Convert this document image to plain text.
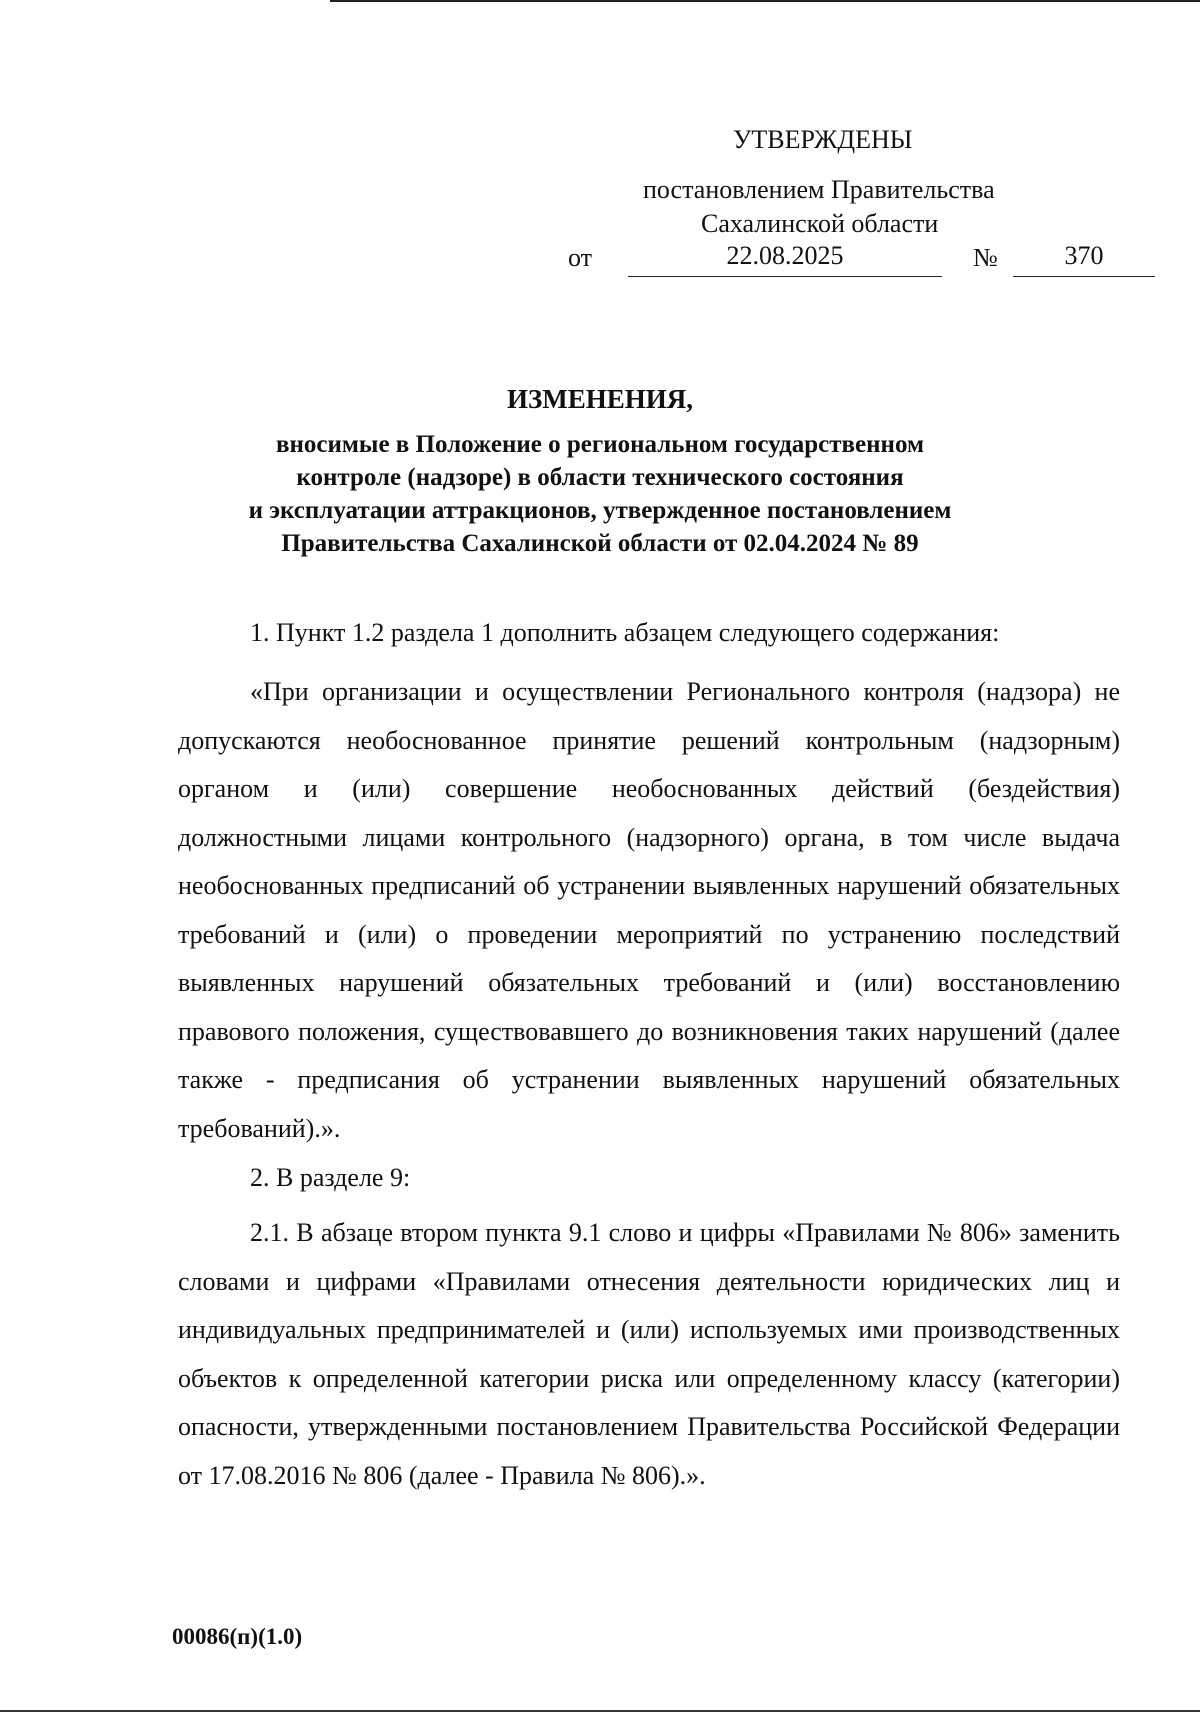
УТВЕРЖДЕНЫ
постановлением Правительства
Сахалинской области
от	22.08.2025	№	370
ИЗМЕНЕНИЯ,
вносимые в Положение о региональном государственном
контроле (надзоре) в области технического состояния
и эксплуатации аттракционов, утвержденное постановлением
Правительства Сахалинской области от 02.04.2024 № 89

1. Пункт 1.2 раздела 1 дополнить абзацем следующего содержания:

«При организации и осуществлении Регионального контроля (надзора) не допускаются необоснованное принятие решений контрольным (надзорным) органом и (или) совершение необоснованных действий (бездействия) должностными лицами контрольного (надзорного) органа, в том числе выдача необоснованных предписаний об устранении выявленных нарушений обязательных требований и (или) о проведении мероприятий по устранению последствий выявленных нарушений обязательных требований и (или) восстановлению правового положения, существовавшего до возникновения таких нарушений (далее также - предписания об устранении выявленных нарушений обязательных требований).».

2. В разделе 9:

2.1. В абзаце втором пункта 9.1 слово и цифры «Правилами № 806» заменить словами и цифрами «Правилами отнесения деятельности юридических лиц и индивидуальных предпринимателей и (или) используемых ими производственных объектов к определенной категории риска или определенному классу (категории) опасности, утвержденными постановлением Правительства Российской Федерации от 17.08.2016 № 806 (далее - Правила № 806).».

00086(п)(1.0)
